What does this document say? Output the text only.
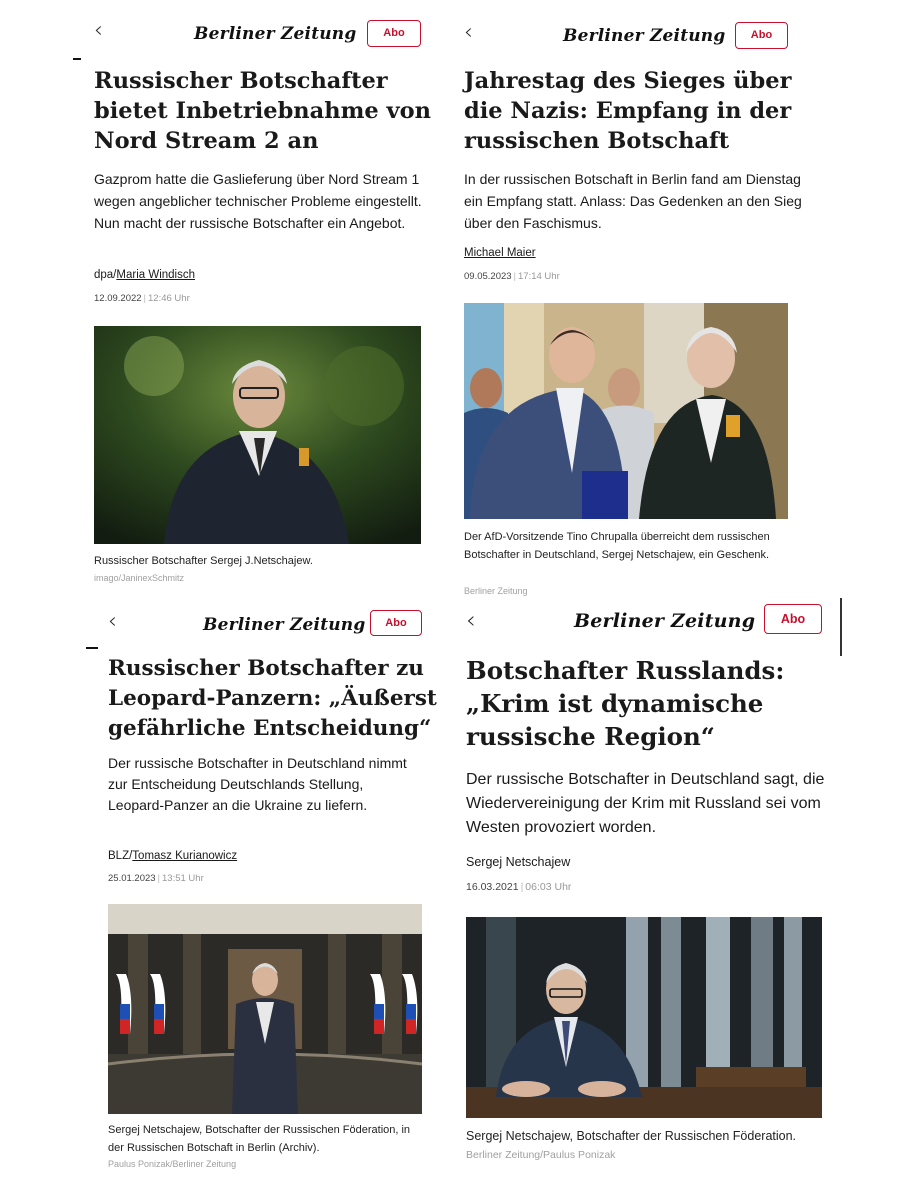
‹	Berliner Zeitung	Abo
Russischer Botschafter bietet Inbetriebnahme von Nord Stream 2 an

Gazprom hatte die Gaslieferung über Nord Stream 1 wegen angeblicher technischer Probleme eingestellt. Nun macht der russische Botschafter ein Angebot.

dpa/Maria Windisch
12.09.2022 | 12:46 Uhr

Russischer Botschafter Sergej J.Netschajew.

imago/JaninexSchmitz
‹	Berliner Zeitung	Abo
Jahrestag des Sieges über die Nazis: Empfang in der russischen Botschaft

In der russischen Botschaft in Berlin fand am Dienstag ein Empfang statt. Anlass: Das Gedenken an den Sieg über den Faschismus.

Michael Maier
09.05.2023 | 17:14 Uhr

Der AfD-Vorsitzende Tino Chrupalla überreicht dem russischen Botschafter in Deutschland, Sergej Netschajew, ein Geschenk.

Berliner Zeitung
‹	Berliner Zeitung	Abo
Russischer Botschafter zu Leopard-Panzern: „Äußerst gefährliche Entscheidung“

Der russische Botschafter in Deutschland nimmt zur Entscheidung Deutschlands Stellung, Leopard-Panzer an die Ukraine zu liefern.

BLZ/Tomasz Kurianowicz
25.01.2023 | 13:51 Uhr

Sergej Netschajew, Botschafter der Russischen Föderation, in der Russischen Botschaft in Berlin (Archiv).

Paulus Ponizak/Berliner Zeitung
‹	Berliner Zeitung	Abo
Botschafter Russlands: „Krim ist dynamische russische Region“

Der russische Botschafter in Deutschland sagt, die Wiedervereinigung der Krim mit Russland sei vom Westen provoziert worden.

Sergej Netschajew
16.03.2021 | 06:03 Uhr

Sergej Netschajew, Botschafter der Russischen Föderation.

Berliner Zeitung/Paulus Ponizak
